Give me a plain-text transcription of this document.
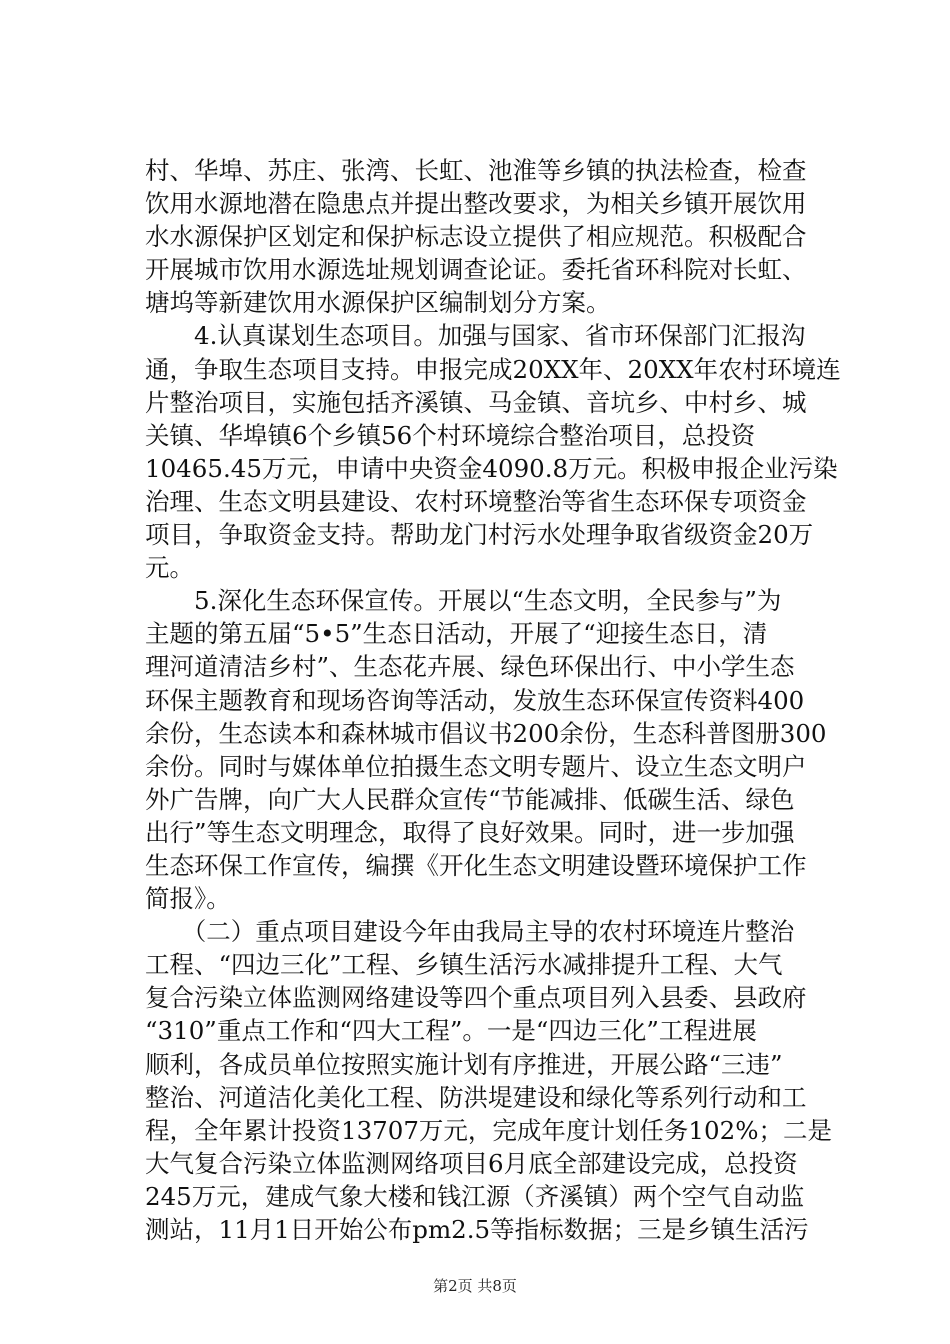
村、华埠、苏庄、张湾、长虹、池淮等乡镇的执法检查，检查
饮用水源地潜在隐患点并提出整改要求，为相关乡镇开展饮用
水水源保护区划定和保护标志设立提供了相应规范。积极配合
开展城市饮用水源选址规划调查论证。委托省环科院对长虹、
塘坞等新建饮用水源保护区编制划分方案。
　　4.认真谋划生态项目。加强与国家、省市环保部门汇报沟
通，争取生态项目支持。申报完成20XX年、20XX年农村环境连
片整治项目，实施包括齐溪镇、马金镇、音坑乡、中村乡、城
关镇、华埠镇6个乡镇56个村环境综合整治项目，总投资
10465.45万元，申请中央资金4090.8万元。积极申报企业污染
治理、生态文明县建设、农村环境整治等省生态环保专项资金
项目，争取资金支持。帮助龙门村污水处理争取省级资金20万
元。
　　5.深化生态环保宣传。开展以“生态文明，全民参与”为
主题的第五届“5•5”生态日活动，开展了“迎接生态日，清
理河道清洁乡村”、生态花卉展、绿色环保出行、中小学生态
环保主题教育和现场咨询等活动，发放生态环保宣传资料400
余份，生态读本和森林城市倡议书200余份，生态科普图册300
余份。同时与媒体单位拍摄生态文明专题片、设立生态文明户
外广告牌，向广大人民群众宣传“节能减排、低碳生活、绿色
出行”等生态文明理念，取得了良好效果。同时，进一步加强
生态环保工作宣传，编撰《开化生态文明建设暨环境保护工作
简报》。
　　（二）重点项目建设今年由我局主导的农村环境连片整治
工程、“四边三化”工程、乡镇生活污水减排提升工程、大气
复合污染立体监测网络建设等四个重点项目列入县委、县政府
“310”重点工作和“四大工程”。一是“四边三化”工程进展
顺利，各成员单位按照实施计划有序推进，开展公路“三违”
整治、河道洁化美化工程、防洪堤建设和绿化等系列行动和工
程，全年累计投资13707万元，完成年度计划任务102%；二是
大气复合污染立体监测网络项目6月底全部建设完成，总投资
245万元，建成气象大楼和钱江源（齐溪镇）两个空气自动监
测站，11月1日开始公布pm2.5等指标数据；三是乡镇生活污
第2页 共8页
